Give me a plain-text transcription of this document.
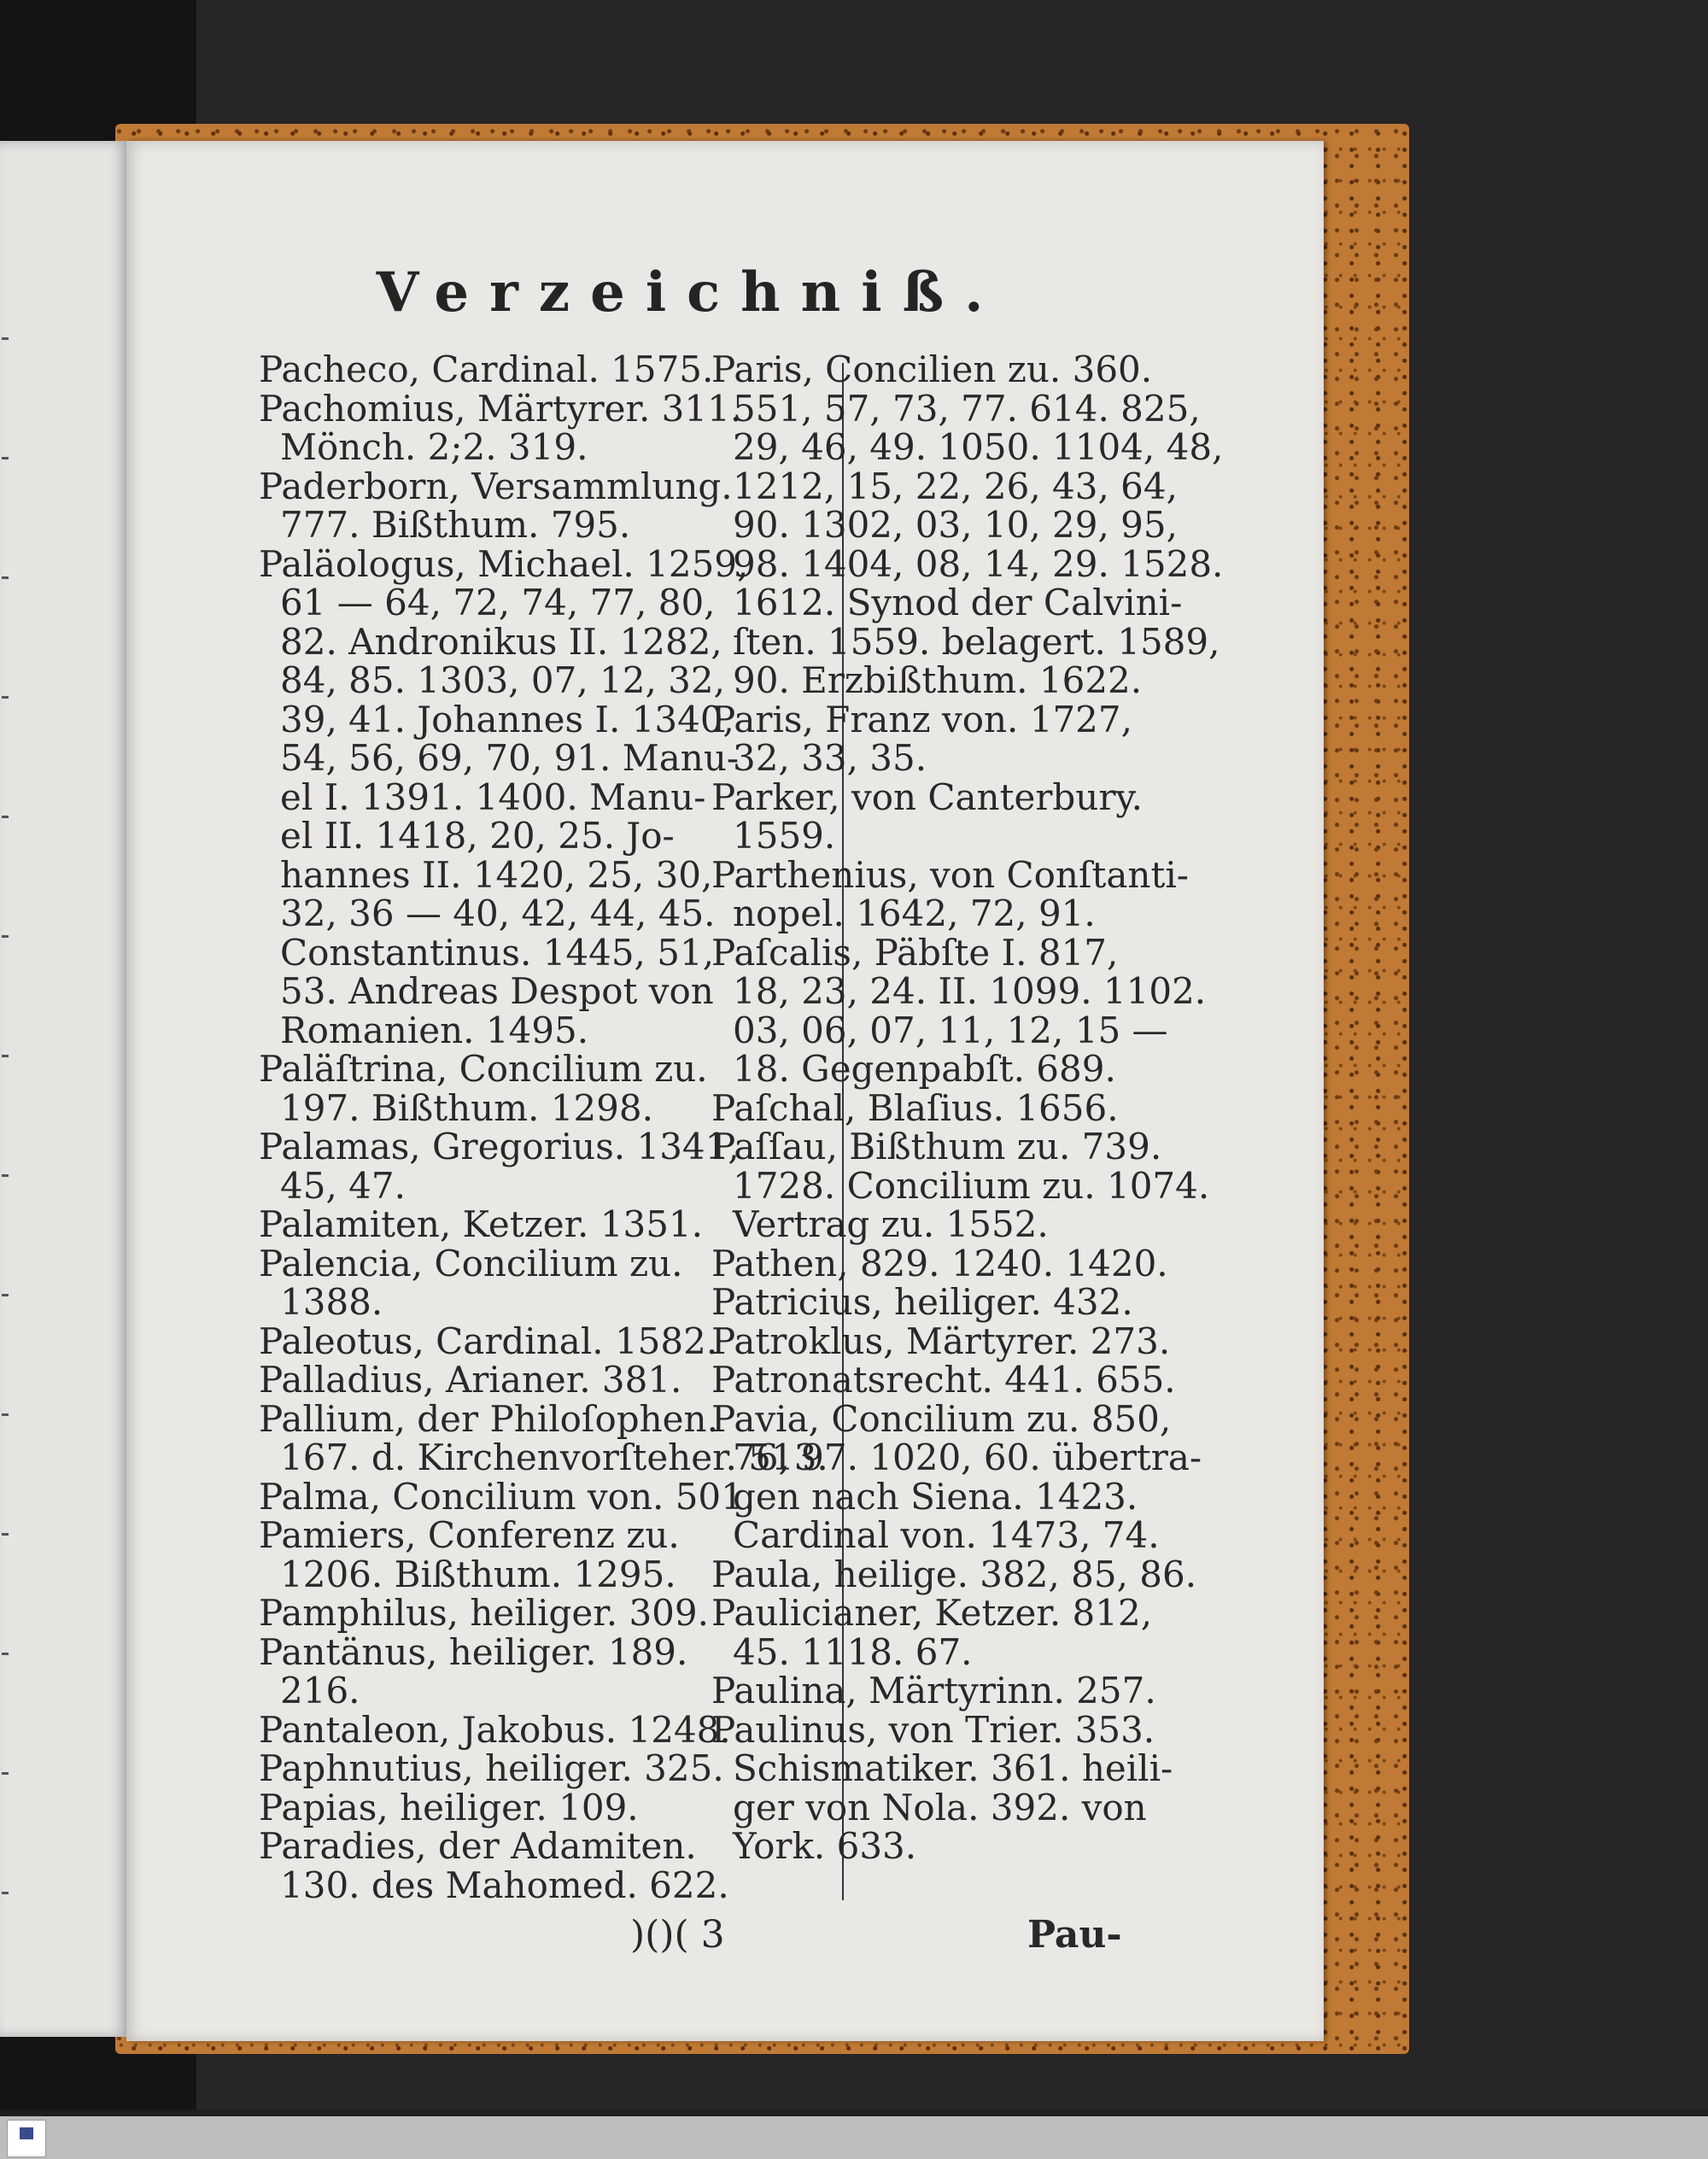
Verzeichniß.

Pacheco, Cardinal. 1575.

Pachomius, Märtyrer. 311.

Mönch. 2;2. 319.

Paderborn, Versammlung.

777. Bißthum. 795.

Paläologus, Michael. 1259,

61 — 64, 72, 74, 77, 80,

82. Andronikus II. 1282,

84, 85. 1303, 07, 12, 32,

39, 41. Johannes I. 1340,

54, 56, 69, 70, 91. Manu-

el I. 1391. 1400. Manu-

el II. 1418, 20, 25. Jo-

hannes II. 1420, 25, 30,

32, 36 — 40, 42, 44, 45.

Constantinus. 1445, 51,

53. Andreas Despot von

Romanien. 1495.

Paläſtrina, Concilium zu.

197. Bißthum. 1298.

Palamas, Gregorius. 1341,

45, 47.

Palamiten, Ketzer. 1351.

Palencia, Concilium zu.

1388.

Paleotus, Cardinal. 1582.

Palladius, Arianer. 381.

Pallium, der Philoſophen.

167. d. Kirchenvorſteher. 513.

Palma, Concilium von. 501.

Pamiers, Conferenz zu.

1206. Bißthum. 1295.

Pamphilus, heiliger. 309.

Pantänus, heiliger. 189.

216.

Pantaleon, Jakobus. 1248.

Paphnutius, heiliger. 325.

Papias, heiliger. 109.

Paradies, der Adamiten.

130. des Mahomed. 622.

Paris, Concilien zu. 360.

551, 57, 73, 77. 614. 825,

29, 46, 49. 1050. 1104, 48,

1212, 15, 22, 26, 43, 64,

90. 1302, 03, 10, 29, 95,

98. 1404, 08, 14, 29. 1528.

1612. Synod der Calvini-

ſten. 1559. belagert. 1589,

90. Erzbißthum. 1622.

Paris, Franz von. 1727,

32, 33, 35.

Parker, von Canterbury.

1559.

Parthenius, von Conſtanti-

nopel. 1642, 72, 91.

Paſcalis, Päbſte I. 817,

18, 23, 24. II. 1099. 1102.

03, 06, 07, 11, 12, 15 —

18. Gegenpabſt. 689.

Paſchal, Blaſius. 1656.

Paſſau, Bißthum zu. 739.

1728. Concilium zu. 1074.

Vertrag zu. 1552.

Pathen, 829. 1240. 1420.

Patricius, heiliger. 432.

Patroklus, Märtyrer. 273.

Patronatsrecht. 441. 655.

Pavia, Concilium zu. 850,

76, 97. 1020, 60. übertra-

gen nach Siena. 1423.

Cardinal von. 1473, 74.

Paula, heilige. 382, 85, 86.

Paulicianer, Ketzer. 812,

45. 1118. 67.

Paulina, Märtyrinn. 257.

Paulinus, von Trier. 353.

Schismatiker. 361. heili-

ger von Nola. 392. von

York. 633.

)()( 3	Pau-
